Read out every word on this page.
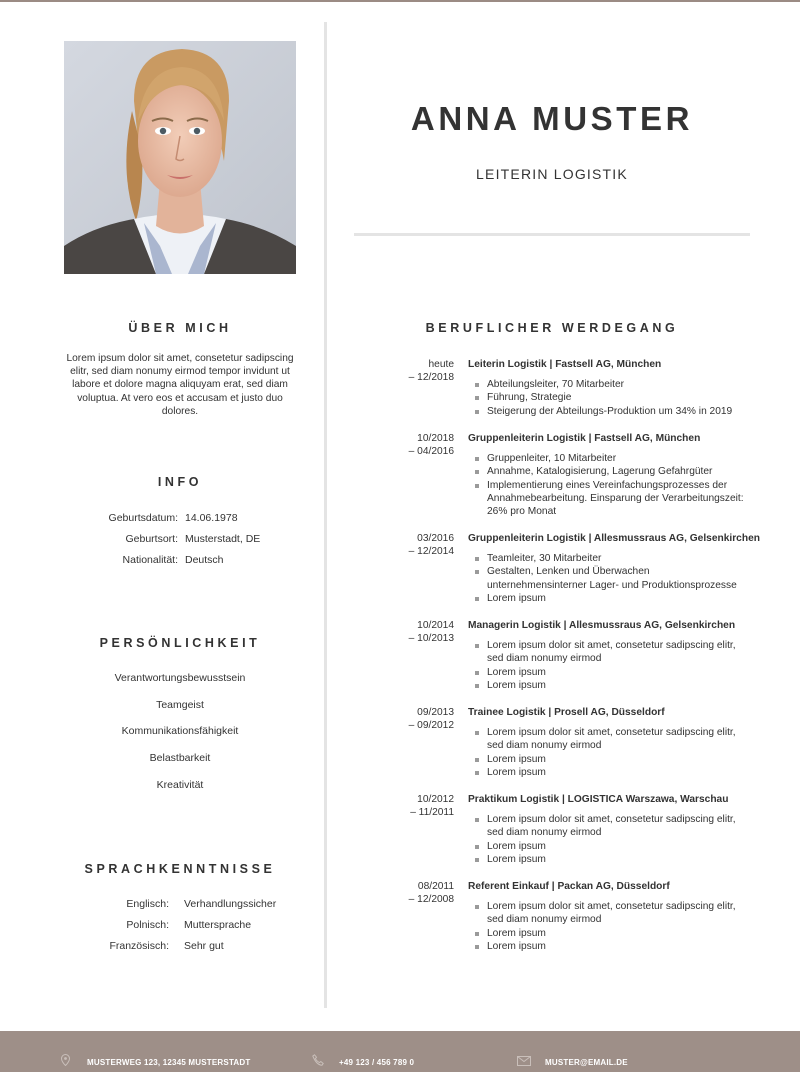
ANNA MUSTER
LEITERIN LOGISTIK
ÜBER MICH
Lorem ipsum dolor sit amet, consetetur sadipscing elitr, sed diam nonumy eirmod tempor invidunt ut labore et dolore magna aliquyam erat, sed diam voluptua. At vero eos et accusam et justo duo dolores.
INFO
Geburtsdatum: 14.06.1978
Geburtsort: Musterstadt, DE
Nationalität: Deutsch
PERSÖNLICHKEIT
Verantwortungsbewusstsein
Teamgeist
Kommunikationsfähigkeit
Belastbarkeit
Kreativität
SPRACHKENNTNISSE
Englisch: Verhandlungssicher
Polnisch: Muttersprache
Französisch: Sehr gut
BERUFLICHER WERDEGANG
heute
– 12/2018
Leiterin Logistik | Fastsell AG, München
Abteilungsleiter, 70 Mitarbeiter
Führung, Strategie
Steigerung der Abteilungs-Produktion um 34% in 2019
10/2018
– 04/2016
Gruppenleiterin Logistik | Fastsell AG, München
Gruppenleiter, 10 Mitarbeiter
Annahme, Katalogisierung, Lagerung Gefahrgüter
Implementierung eines Vereinfachungsprozesses der Annahmebearbeitung. Einsparung der Verarbeitungszeit: 26% pro Monat
03/2016
– 12/2014
Gruppenleiterin Logistik | Allesmussraus AG, Gelsenkirchen
Teamleiter, 30 Mitarbeiter
Gestalten, Lenken und Überwachen unternehmensinterner Lager- und Produktionsprozesse
Lorem ipsum
10/2014
– 10/2013
Managerin Logistik | Allesmussraus AG, Gelsenkirchen
Lorem ipsum dolor sit amet, consetetur sadipscing elitr, sed diam nonumy eirmod
Lorem ipsum
Lorem ipsum
09/2013
– 09/2012
Trainee Logistik | Prosell AG, Düsseldorf
Lorem ipsum dolor sit amet, consetetur sadipscing elitr, sed diam nonumy eirmod
Lorem ipsum
Lorem ipsum
10/2012
– 11/2011
Praktikum Logistik | LOGISTICA Warszawa, Warschau
Lorem ipsum dolor sit amet, consetetur sadipscing elitr, sed diam nonumy eirmod
Lorem ipsum
Lorem ipsum
08/2011
– 12/2008
Referent Einkauf | Packan AG, Düsseldorf
Lorem ipsum dolor sit amet, consetetur sadipscing elitr, sed diam nonumy eirmod
Lorem ipsum
Lorem ipsum
MUSTERWEG 123, 12345 MUSTERSTADT	+49 123 / 456 789 0	MUSTER@EMAIL.DE
